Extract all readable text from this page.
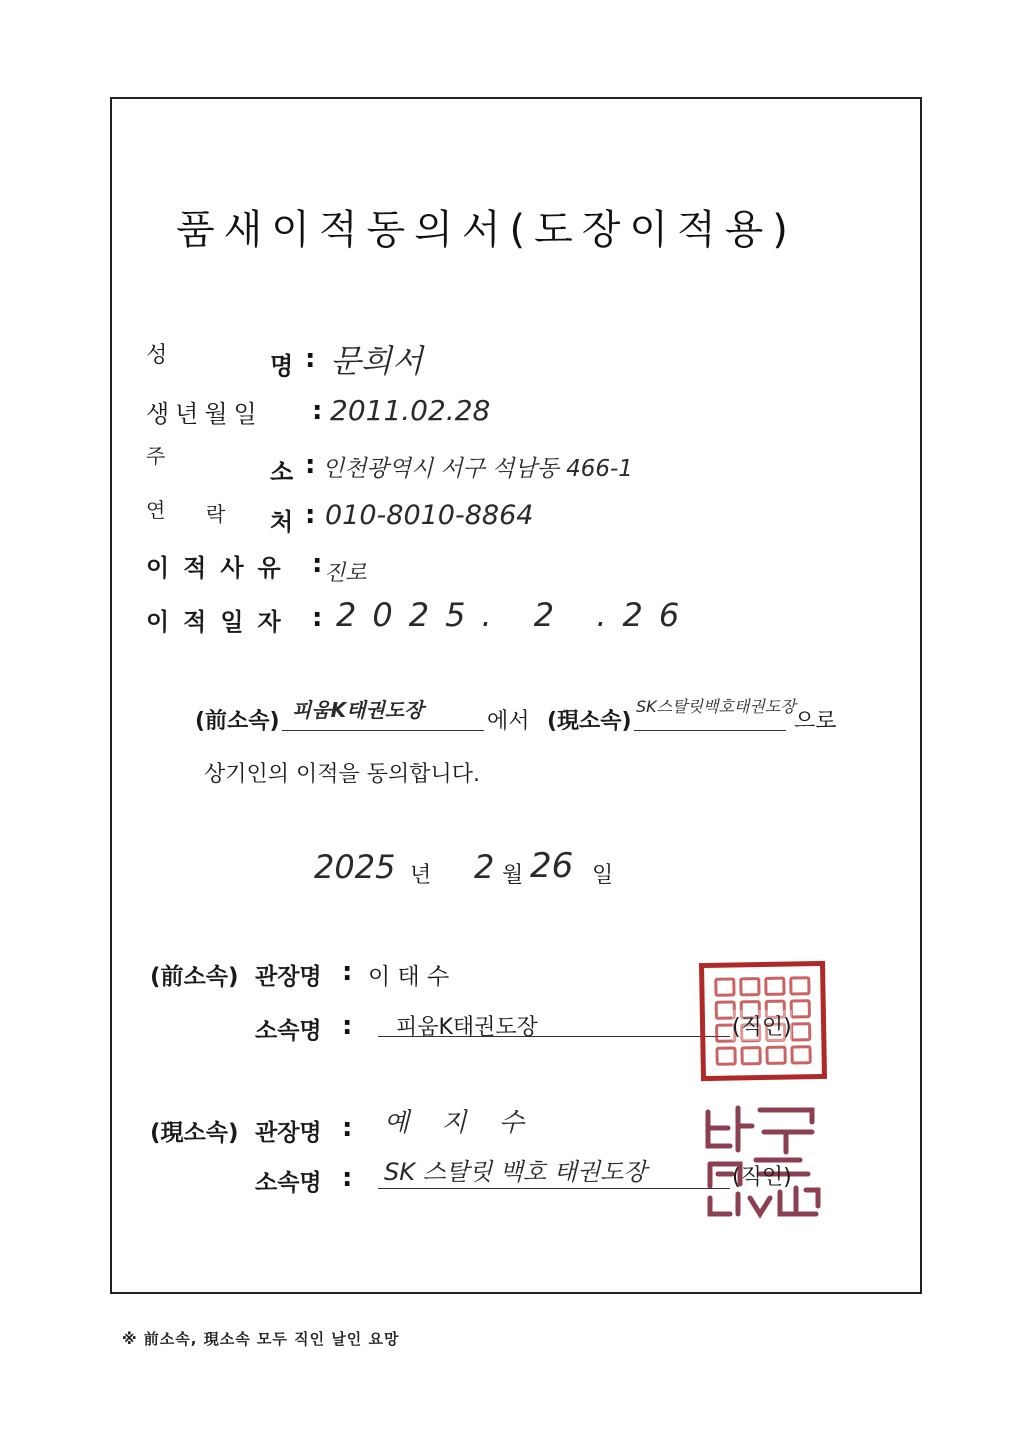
품새이적동의서(도장이적용)
성	명 : 문희서
생년월일 : 2011.02.28
주
소 : 인천광역시 서구 석남동 466-1
연 락 처 : 010-8010-8864
이적사유 : 진로
이적일자 : 2025. 2 .26
(前소속) 피움K태권도장	에서 (現소속)
SK스탈릿백호태권도장
으로
상기인의 이적을 동의합니다.
2025 년 2 월 26 일
(前소속) 관장명 : 이 태 수
소속명 : 피움K태권도장	(직인)
(現소속) 관장명 : 예 지 수
소속명 : SK 스탈릿 백호 태권도장	(직인)
※ 前소속, 現소속 모두 직인 날인 요망
